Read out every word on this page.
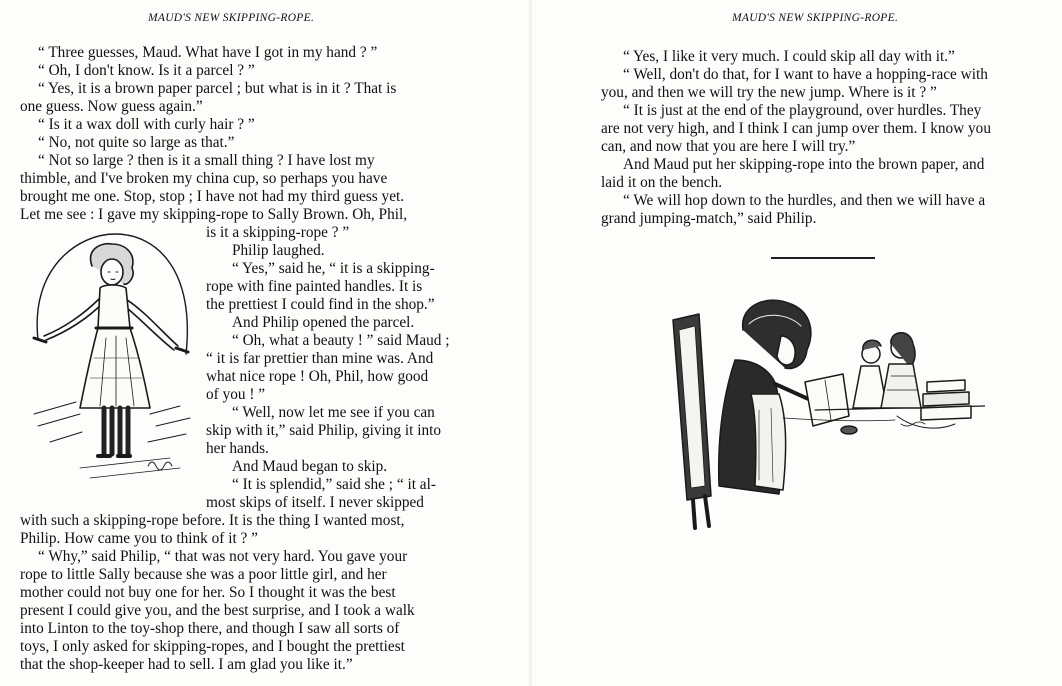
MAUD'S NEW SKIPPING-ROPE.
“ Three guesses, Maud. What have I got in my hand ? ”
“ Oh, I don't know. Is it a parcel ? ”
“ Yes, it is a brown paper parcel ; but what is in it ? That is
one guess. Now guess again.”
“ Is it a wax doll with curly hair ? ”
“ No, not quite so large as that.”
“ Not so large ? then is it a small thing ? I have lost my
thimble, and I've broken my china cup, so perhaps you have
brought me one. Stop, stop ; I have not had my third guess yet.
Let me see : I gave my skipping-rope to Sally Brown. Oh, Phil,
is it a skipping-rope ? ”
Philip laughed.
“ Yes,” said he, “ it is a skipping-
rope with fine painted handles. It is
the prettiest I could find in the shop.”
And Philip opened the parcel.
“ Oh, what a beauty ! ” said Maud ;
“ it is far prettier than mine was. And
what nice rope ! Oh, Phil, how good
of you ! ”
“ Well, now let me see if you can
skip with it,” said Philip, giving it into
her hands.
And Maud began to skip.
“ It is splendid,” said she ; “ it al-
most skips of itself. I never skipped
with such a skipping-rope before. It is the thing I wanted most,
Philip. How came you to think of it ? ”
“ Why,” said Philip, “ that was not very hard. You gave your
rope to little Sally because she was a poor little girl, and her
mother could not buy one for her. So I thought it was the best
present I could give you, and the best surprise, and I took a walk
into Linton to the toy-shop there, and though I saw all sorts of
toys, I only asked for skipping-ropes, and I bought the prettiest
that the shop-keeper had to sell. I am glad you like it.”
MAUD'S NEW SKIPPING-ROPE.
“ Yes, I like it very much. I could skip all day with it.”
“ Well, don't do that, for I want to have a hopping-race with
you, and then we will try the new jump. Where is it ? ”
“ It is just at the end of the playground, over hurdles. They
are not very high, and I think I can jump over them. I know you
can, and now that you are here I will try.”
And Maud put her skipping-rope into the brown paper, and
laid it on the bench.
“ We will hop down to the hurdles, and then we will have a
grand jumping-match,” said Philip.
